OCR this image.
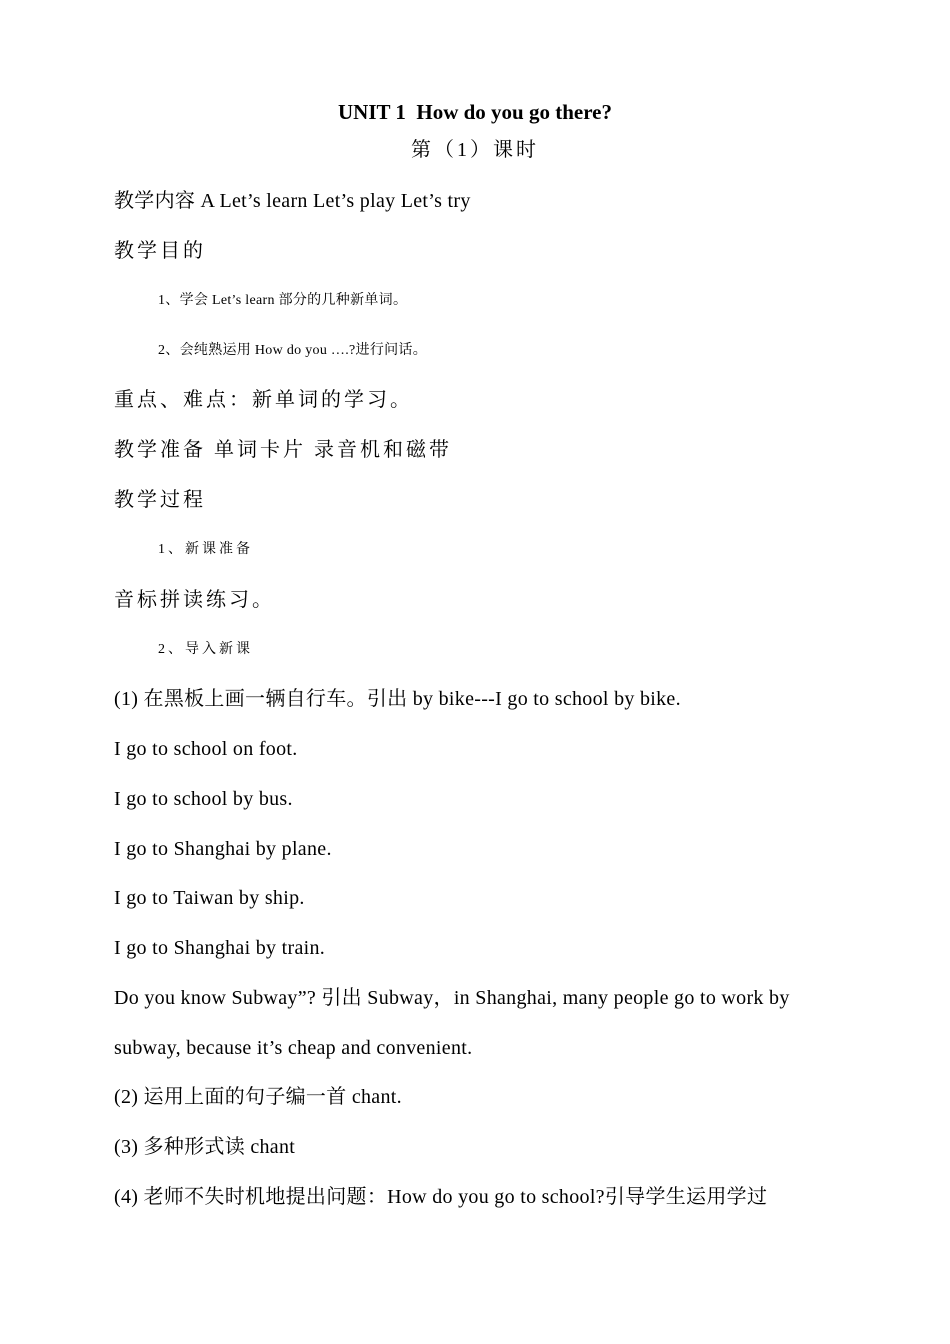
UNIT 1  How do you go there?
第（1）课时
教学内容 A Let’s learn Let’s play Let’s try
教学目的
1、学会 Let’s learn 部分的几种新单词。
2、会纯熟运用 How do you ….?进行问话。
重点、难点：新单词的学习。
教学准备 单词卡片 录音机和磁带
教学过程
1、新课准备
音标拼读练习。
2、导入新课
(1) 在黑板上画一辆自行车。引出 by bike---I go to school by bike.
I go to school on foot.
I go to school by bus.
I go to Shanghai by plane.
I go to Taiwan by ship.
I go to Shanghai by train.
Do you know Subway”? 引出 Subway，in Shanghai, many people go to work by
subway, because it’s cheap and convenient.
(2) 运用上面的句子编一首 chant.
(3) 多种形式读 chant
(4) 老师不失时机地提出问题：How do you go to school?引导学生运用学过
